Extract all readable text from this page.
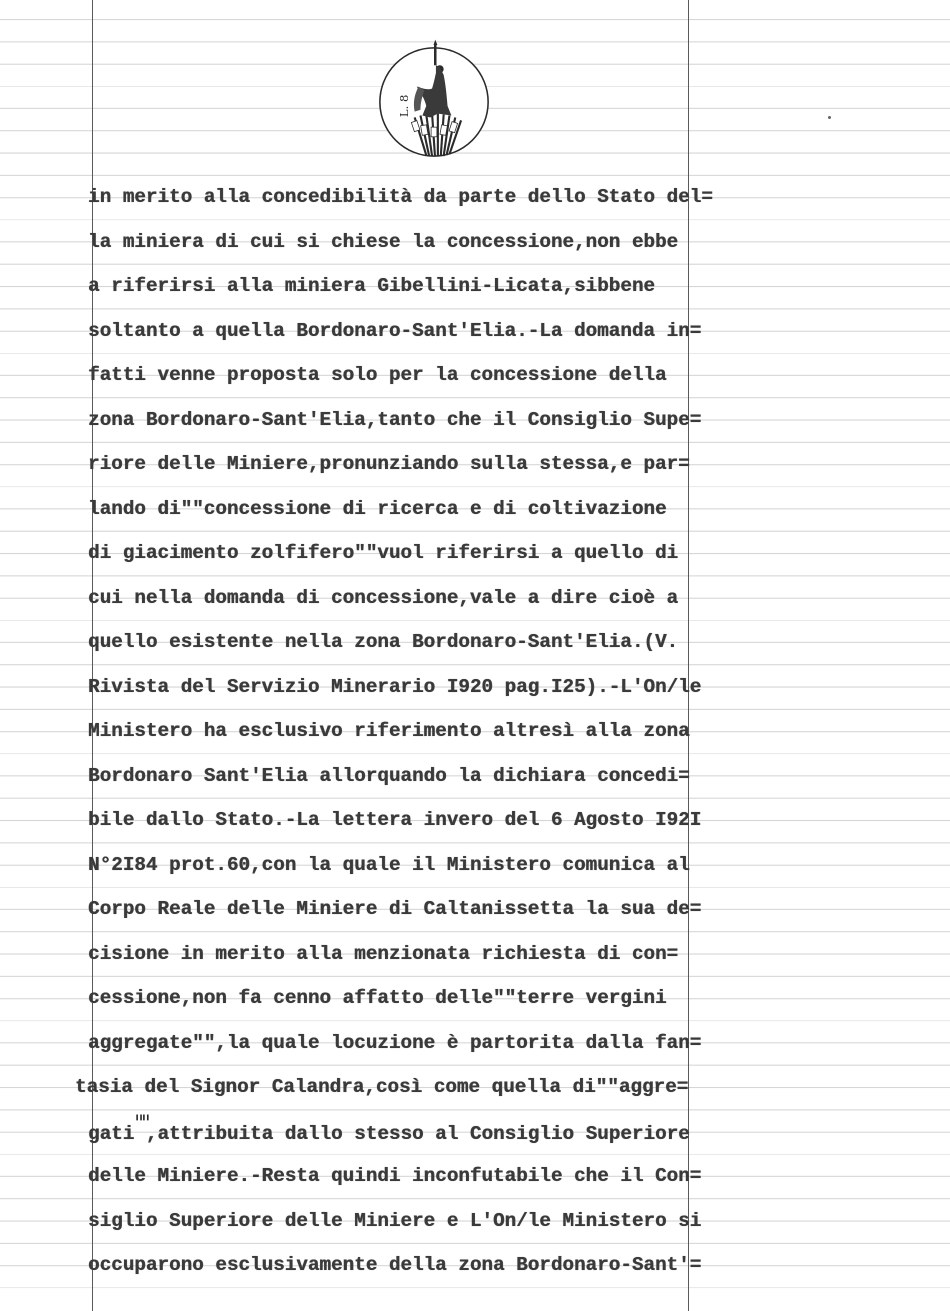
L. 8
in merito alla concedibilità da parte dello Stato del=
la miniera di cui si chiese la concessione,non ebbe
a riferirsi alla miniera Gibellini-Licata,sibbene
soltanto a quella Bordonaro-Sant'Elia.-La domanda in=
fatti venne proposta solo per la concessione della
zona Bordonaro-Sant'Elia,tanto che il Consiglio Supe=
riore delle Miniere,pronunziando sulla stessa,e par=
lando di""concessione di ricerca e di coltivazione
di giacimento zolfifero""vuol riferirsi a quello di
cui nella domanda di concessione,vale a dire cioè a
quello esistente nella zona Bordonaro-Sant'Elia.(V.
Rivista del Servizio Minerario I920 pag.I25).-L'On/le
Ministero ha esclusivo riferimento altresì alla zona
Bordonaro Sant'Elia allorquando la dichiara concedi=
bile dallo Stato.-La lettera invero del 6 Agosto I92I
N°2I84 prot.60,con la quale il Ministero comunica al
Corpo Reale delle Miniere di Caltanissetta la sua de=
cisione in merito alla menzionata richiesta di con=
cessione,non fa cenno affatto delle""terre vergini
aggregate"",la quale locuzione è partorita dalla fan=
tasia del Signor Calandra,così come quella di""aggre=
gati"",attribuita dallo stesso al Consiglio Superiore
delle Miniere.-Resta quindi inconfutabile che il Con=
siglio Superiore delle Miniere e L'On/le Ministero si
occuparono esclusivamente della zona Bordonaro-Sant'=
